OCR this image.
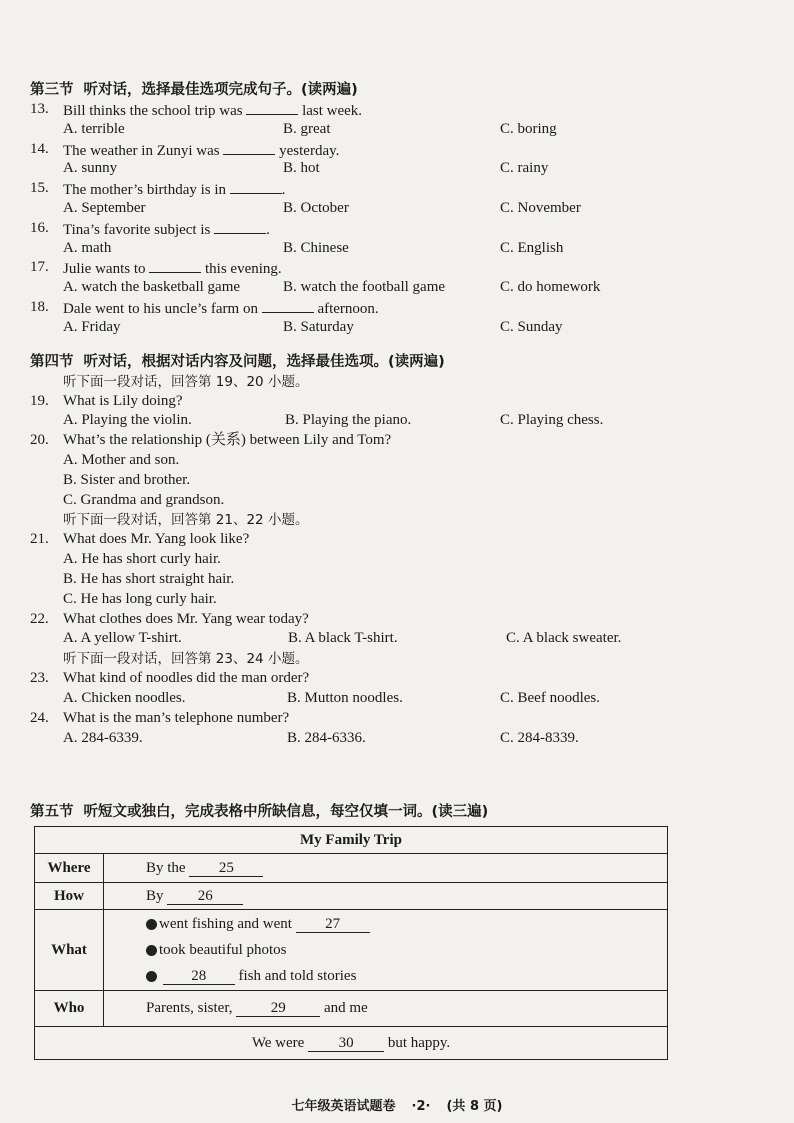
第三节 听对话，选择最佳选项完成句子。(读两遍)
13. Bill thinks the school trip was	last week.
A. terrible	B. great	C. boring
14. The weather in Zunyi was	yesterday.
A. sunny	B. hot	C. rainy
15. The mother’s birthday is in	.
A. September	B. October	C. November
16. Tina’s favorite subject is	.
A. math	B. Chinese	C. English
17. Julie wants to	this evening.
A. watch the basketball game	B. watch the football game	C. do homework
18. Dale went to his uncle’s farm on	afternoon.
A. Friday	B. Saturday	C. Sunday
第四节 听对话，根据对话内容及问题，选择最佳选项。(读两遍)
听下面一段对话，回答第 19、20 小题。
19. What is Lily doing?
A. Playing the violin.	B. Playing the piano.	C. Playing chess.
20. What’s the relationship (关系) between Lily and Tom?
A. Mother and son.
B. Sister and brother.
C. Grandma and grandson.
听下面一段对话，回答第 21、22 小题。
21. What does Mr. Yang look like?
A. He has short curly hair.
B. He has short straight hair.
C. He has long curly hair.
22. What clothes does Mr. Yang wear today?
A. A yellow T-shirt.	B. A black T-shirt.	C. A black sweater.
听下面一段对话，回答第 23、24 小题。
23. What kind of noodles did the man order?
A. Chicken noodles.	B. Mutton noodles.	C. Beef noodles.
24. What is the man’s telephone number?
A. 284-6339.	B. 284-6336.	C. 284-8339.
第五节 听短文或独白，完成表格中所缺信息，每空仅填一词。(读三遍)
My Family Trip	
Where	By the 25
How	By 26
What	went fishing and went 27
took beautiful photos
28 fish and told stories

Who	Parents, sister, 29 and me
We were 30 but happy.	
七年级英语试题卷 ·2· (共 8 页)
